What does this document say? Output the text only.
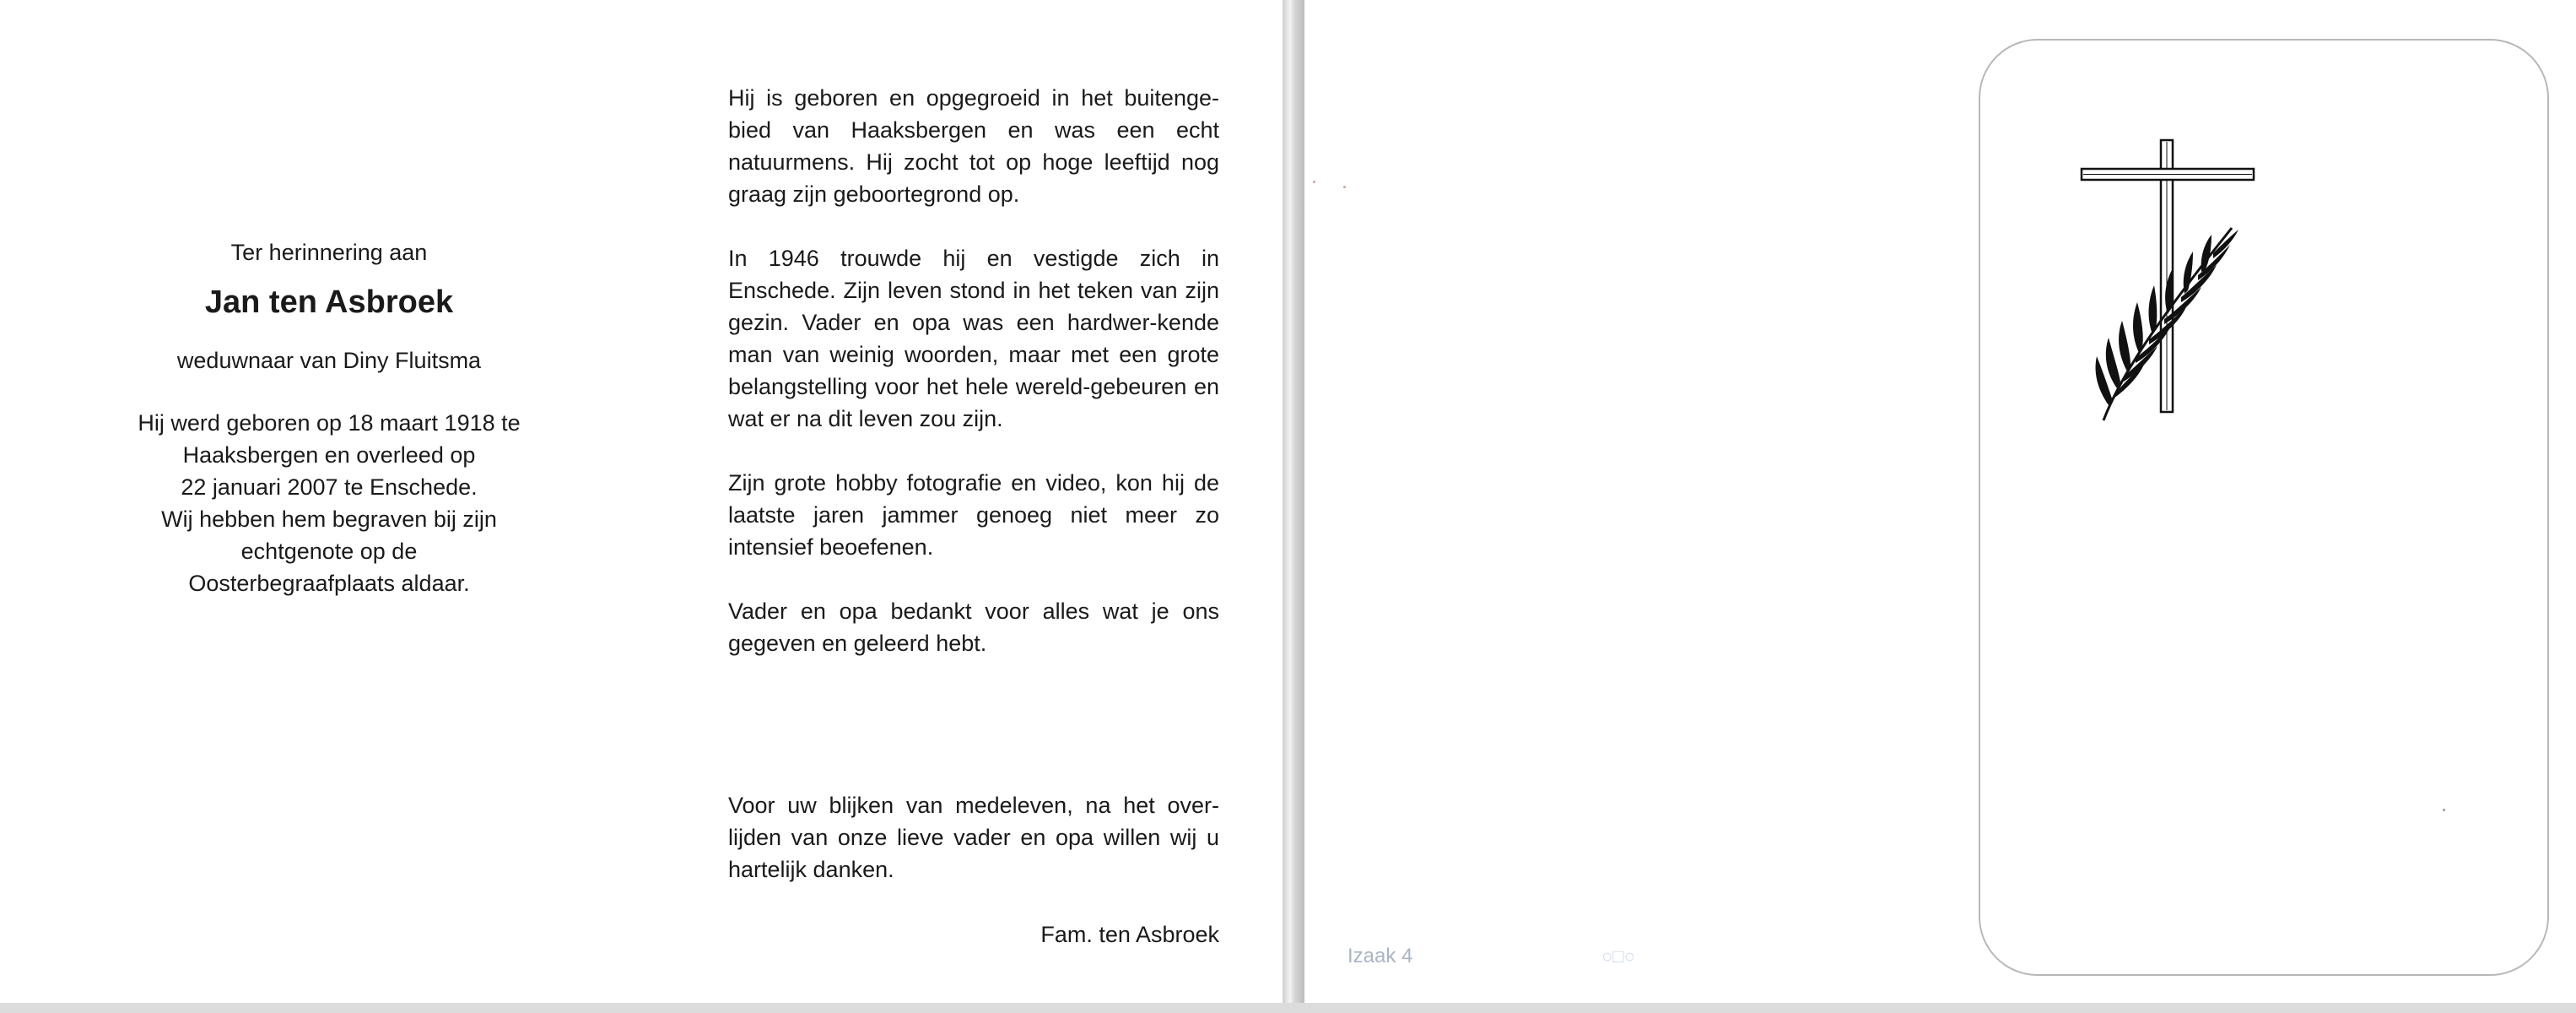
Ter herinnering aan
Jan ten Asbroek
weduwnaar van Diny Fluitsma
Hij werd geboren op 18 maart 1918 te
Haaksbergen en overleed op
22 januari 2007 te Enschede.
Wij hebben hem begraven bij zijn
echtgenote op de
Oosterbegraafplaats aldaar.

Hij is geboren en opgegroeid in het buitenge-bied van Haaksbergen en was een echt natuurmens. Hij zocht tot op hoge leeftijd nog graag zijn geboortegrond op.

In 1946 trouwde hij en vestigde zich in Enschede. Zijn leven stond in het teken van zijn gezin. Vader en opa was een hardwer-kende man van weinig woorden, maar met een grote belangstelling voor het hele wereld-gebeuren en wat er na dit leven zou zijn.

Zijn grote hobby fotografie en video, kon hij de laatste jaren jammer genoeg niet meer zo intensief beoefenen.

Vader en opa bedankt voor alles wat je ons gegeven en geleerd hebt.

Voor uw blijken van medeleven, na het over-lijden van onze lieve vader en opa willen wij u hartelijk danken.

Fam. ten Asbroek
Izaak 4	○□○
